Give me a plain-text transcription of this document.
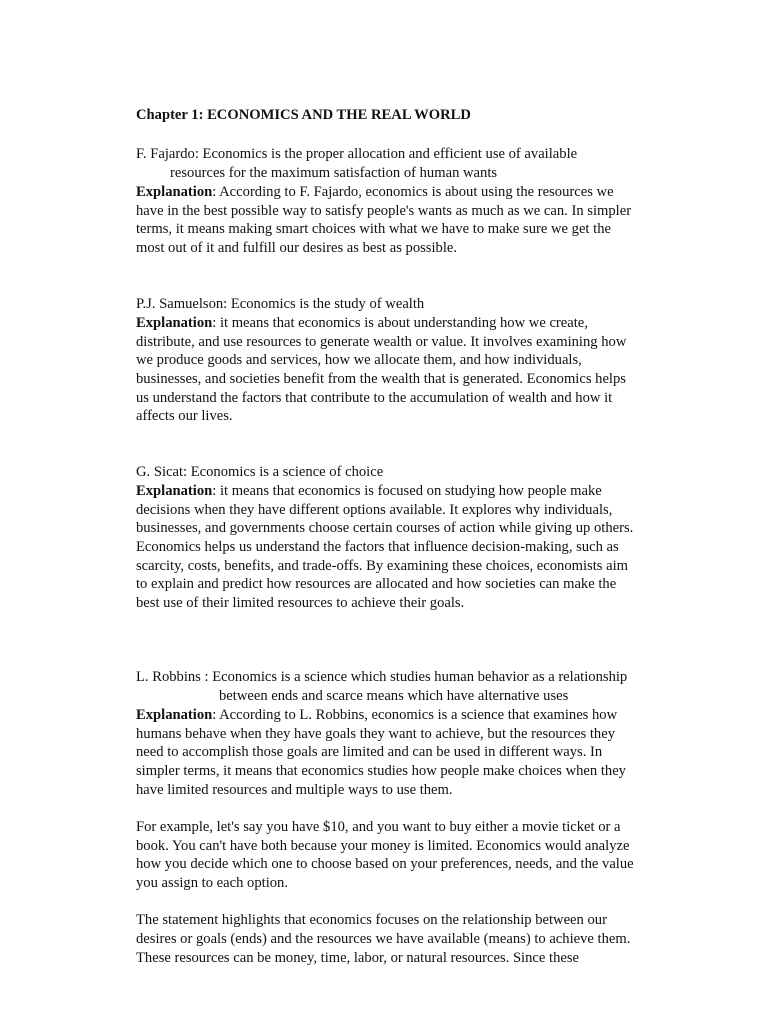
Chapter 1: ECONOMICS AND THE REAL WORLD
F. Fajardo: Economics is the proper allocation and efficient use of available
resources for the maximum satisfaction of human wants
Explanation: According to F. Fajardo, economics is about using the resources we
have in the best possible way to satisfy people's wants as much as we can. In simpler
terms, it means making smart choices with what we have to make sure we get the
most out of it and fulfill our desires as best as possible.
P.J. Samuelson: Economics is the study of wealth
Explanation: it means that economics is about understanding how we create,
distribute, and use resources to generate wealth or value. It involves examining how
we produce goods and services, how we allocate them, and how individuals,
businesses, and societies benefit from the wealth that is generated. Economics helps
us understand the factors that contribute to the accumulation of wealth and how it
affects our lives.
G. Sicat: Economics is a science of choice
Explanation: it means that economics is focused on studying how people make
decisions when they have different options available. It explores why individuals,
businesses, and governments choose certain courses of action while giving up others.
Economics helps us understand the factors that influence decision-making, such as
scarcity, costs, benefits, and trade-offs. By examining these choices, economists aim
to explain and predict how resources are allocated and how societies can make the
best use of their limited resources to achieve their goals.
L. Robbins : Economics is a science which studies human behavior as a relationship
between ends and scarce means which have alternative uses
Explanation: According to L. Robbins, economics is a science that examines how
humans behave when they have goals they want to achieve, but the resources they
need to accomplish those goals are limited and can be used in different ways. In
simpler terms, it means that economics studies how people make choices when they
have limited resources and multiple ways to use them.
For example, let's say you have $10, and you want to buy either a movie ticket or a
book. You can't have both because your money is limited. Economics would analyze
how you decide which one to choose based on your preferences, needs, and the value
you assign to each option.
The statement highlights that economics focuses on the relationship between our
desires or goals (ends) and the resources we have available (means) to achieve them.
These resources can be money, time, labor, or natural resources. Since these
